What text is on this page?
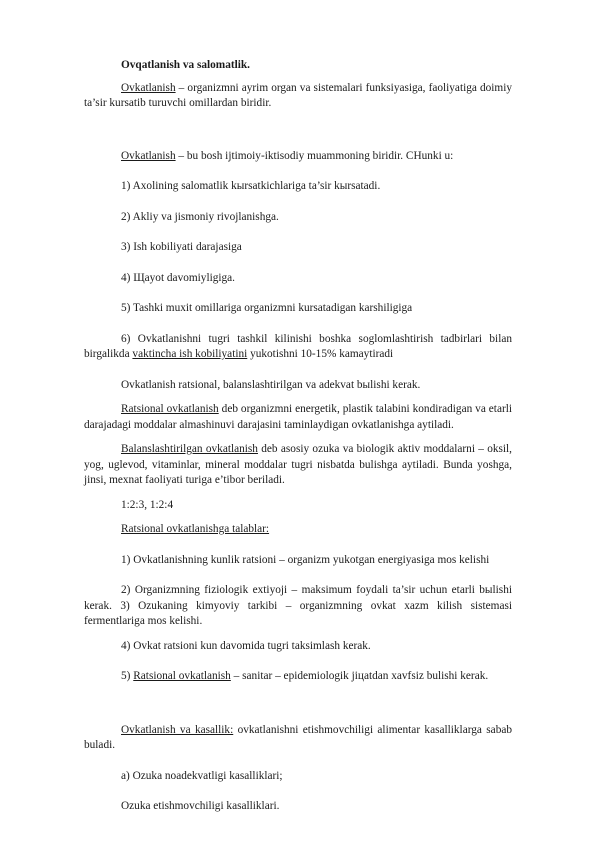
Ovqatlanish va salomatlik.

Ovkatlanish – organizmni ayrim organ va sistemalari funksiyasiga, faoliyatiga doimiy ta’sir kursatib turuvchi omillardan biridir.

Ovkatlanish – bu bosh ijtimoiy-iktisodiy muammoning biridir. CHunki u:

1) Axolining salomatlik kыrsatkichlariga ta’sir kыrsatadi.

2) Akliy va jismoniy rivojlanishga.

3) Ish kobiliyati darajasiga

4) Щayot davomiyligiga.

5) Tashki muxit omillariga organizmni kursatadigan karshiligiga

6) Ovkatlanishni tugri tashkil kilinishi boshka soglomlashtirish tadbirlari bilan birgalikda vaktincha ish kobiliyatini yukotishni 10-15% kamaytiradi

Ovkatlanish ratsional, balanslashtirilgan va adekvat bыlishi kerak.

Ratsional ovkatlanish deb organizmni energetik, plastik talabini kondiradigan va etarli darajadagi moddalar almashinuvi darajasini taminlaydigan ovkatlanishga aytiladi.

Balanslashtirilgan ovkatlanish deb asosiy ozuka va biologik aktiv moddalarni – oksil, yog, uglevod, vitaminlar, mineral moddalar tugri nisbatda bulishga aytiladi. Bunda yoshga, jinsi, mexnat faoliyati turiga e’tibor beriladi.

1:2:3, 1:2:4

Ratsional ovkatlanishga talablar:

1) Ovkatlanishning kunlik ratsioni – organizm yukotgan energiyasiga mos kelishi

2) Organizmning fiziologik extiyoji – maksimum foydali ta’sir uchun etarli bыlishi kerak. 3) Ozukaning kimyoviy tarkibi – organizmning ovkat xazm kilish sistemasi fermentlariga mos kelishi.

4) Ovkat ratsioni kun davomida tugri taksimlash kerak.

5) Ratsional ovkatlanish – sanitar – epidemiologik jiцatdan xavfsiz bulishi kerak.

Ovkatlanish va kasallik: ovkatlanishni etishmovchiligi alimentar kasalliklarga sabab buladi.

a) Ozuka noadekvatligi kasalliklari;

Ozuka etishmovchiligi kasalliklari.
